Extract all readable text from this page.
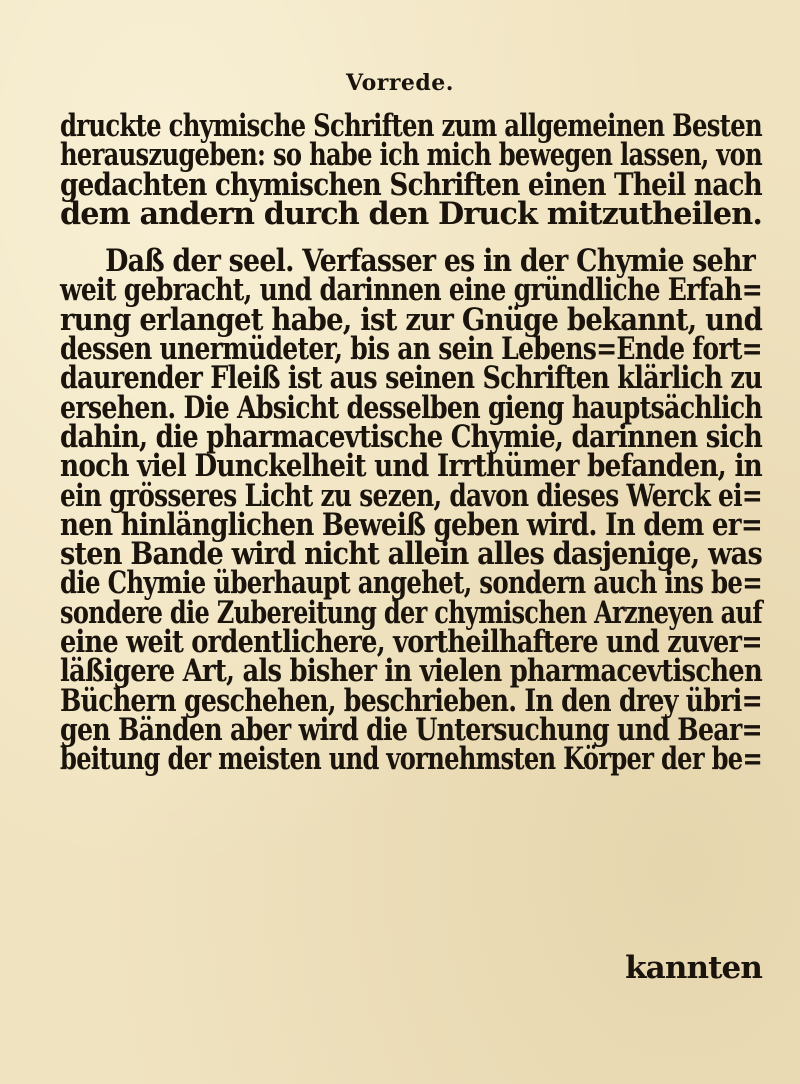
Vorrede.
druckte chymische Schriften zum allgemeinen Besten
herauszugeben: so habe ich mich bewegen lassen, von
gedachten chymischen Schriften einen Theil nach
dem andern durch den Druck mitzutheilen.
Daß der seel. Verfasser es in der Chymie sehr
weit gebracht, und darinnen eine gründliche Erfah=
rung erlanget habe, ist zur Gnüge bekannt, und
dessen unermüdeter, bis an sein Lebens=Ende fort=
daurender Fleiß ist aus seinen Schriften klärlich zu
ersehen. Die Absicht desselben gieng hauptsächlich
dahin, die pharmacevtische Chymie, darinnen sich
noch viel Dunckelheit und Irrthümer befanden, in
ein grösseres Licht zu sezen, davon dieses Werck ei=
nen hinlänglichen Beweiß geben wird. In dem er=
sten Bande wird nicht allein alles dasjenige, was
die Chymie überhaupt angehet, sondern auch ins be=
sondere die Zubereitung der chymischen Arzneyen auf
eine weit ordentlichere, vortheilhaftere und zuver=
läßigere Art, als bisher in vielen pharmacevtischen
Büchern geschehen, beschrieben. In den drey übri=
gen Bänden aber wird die Untersuchung und Bear=
beitung der meisten und vornehmsten Körper der be=
kannten
